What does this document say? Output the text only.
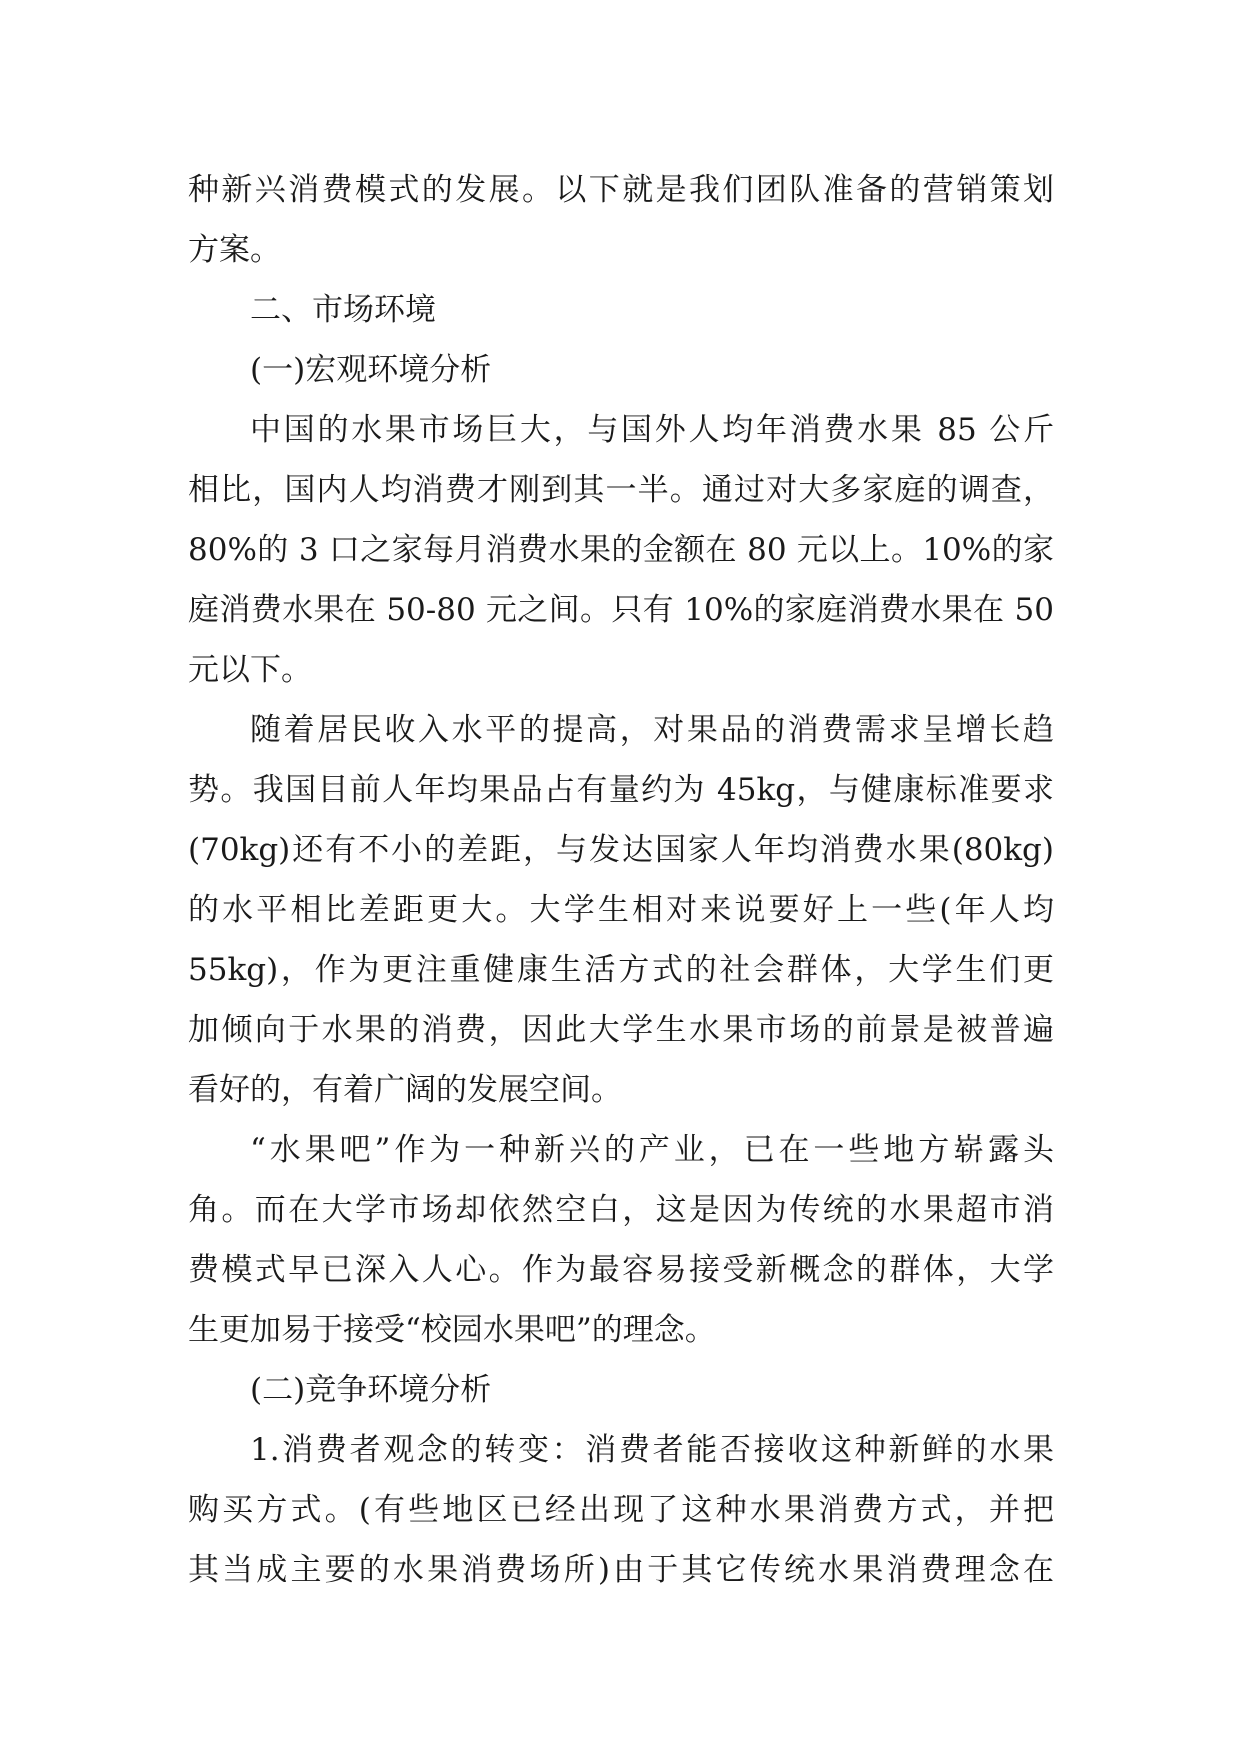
种新兴消费模式的发展。以下就是我们团队准备的营销策划
方案。
二、市场环境
(一)宏观环境分析
中国的水果市场巨大，与国外人均年消费水果 85 公斤
相比，国内人均消费才刚到其一半。通过对大多家庭的调查，
80%的 3 口之家每月消费水果的金额在 80 元以上。10%的家
庭消费水果在 50-80 元之间。只有 10%的家庭消费水果在 50
元以下。
随着居民收入水平的提高，对果品的消费需求呈增长趋
势。我国目前人年均果品占有量约为 45kg，与健康标准要求
(70kg)还有不小的差距，与发达国家人年均消费水果(80kg)
的水平相比差距更大。大学生相对来说要好上一些(年人均
55kg)，作为更注重健康生活方式的社会群体，大学生们更
加倾向于水果的消费，因此大学生水果市场的前景是被普遍
看好的，有着广阔的发展空间。
“水果吧”作为一种新兴的产业，已在一些地方崭露头
角。而在大学市场却依然空白，这是因为传统的水果超市消
费模式早已深入人心。作为最容易接受新概念的群体，大学
生更加易于接受“校园水果吧”的理念。
(二)竞争环境分析
1.消费者观念的转变：消费者能否接收这种新鲜的水果
购买方式。(有些地区已经出现了这种水果消费方式，并把
其当成主要的水果消费场所)由于其它传统水果消费理念在
